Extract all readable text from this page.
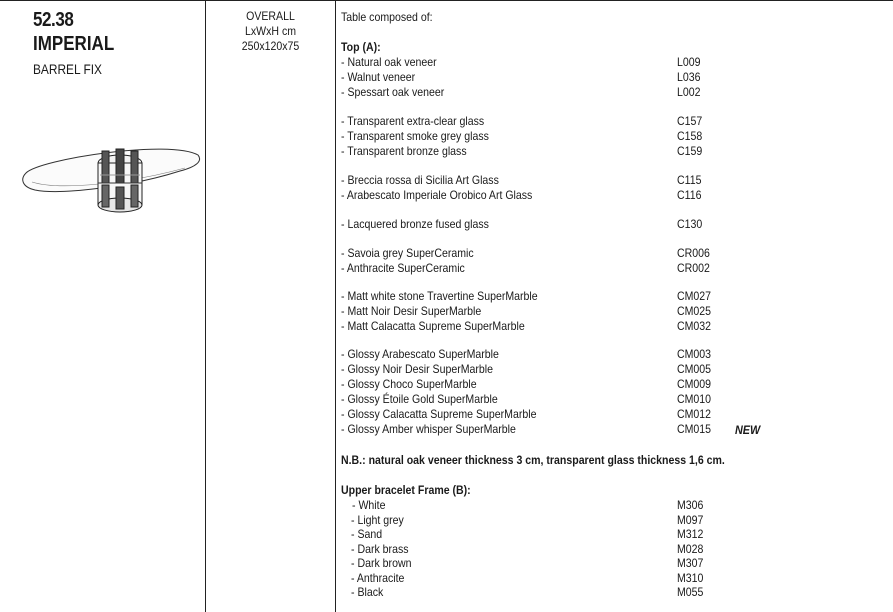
52.38
IMPERIAL
BARREL FIX
OVERALL
LxWxH cm
250x120x75
Table composed of:
Top (A):
N.B.: natural oak veneer thickness 3 cm, transparent glass thickness 1,6 cm.
Upper bracelet Frame (B):
- Natural oak veneer	L009
- Walnut veneer	L036
- Spessart oak veneer	L002
- Transparent extra-clear glass	C157
- Transparent smoke grey glass	C158
- Transparent bronze glass	C159
- Breccia rossa di Sicilia Art Glass	C115
- Arabescato Imperiale Orobico Art Glass	C116
- Lacquered bronze fused glass	C130
- Savoia grey SuperCeramic	CR006
- Anthracite SuperCeramic	CR002
- Matt white stone Travertine SuperMarble	CM027
- Matt Noir Desir SuperMarble	CM025
- Matt Calacatta Supreme SuperMarble	CM032
- Glossy Arabescato SuperMarble	CM003
- Glossy Noir Desir SuperMarble	CM005
- Glossy Choco SuperMarble	CM009
- Glossy Étoile Gold SuperMarble	CM010
- Glossy Calacatta Supreme SuperMarble	CM012
- Glossy Amber whisper SuperMarble	CM015 NEW
- White	M306
- Light grey	M097
- Sand	M312
- Dark brass	M028
- Dark brown	M307
- Anthracite	M310
- Black	M055
